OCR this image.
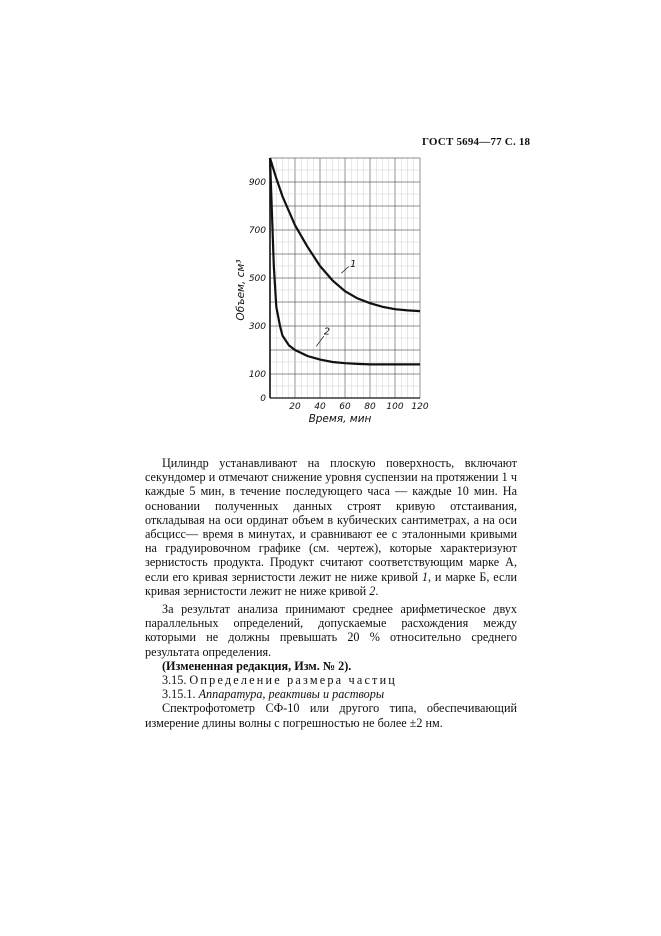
ГОСТ 5694—77 С. 18
20 40 60 80 100 120
0
100
300
500
700
900
1
2
Время, мин
Объем, см³

Цилиндр устанавливают на плоскую поверхность, включают секундомер и отмечают снижение уровня суспензии на протяжении 1 ч каждые 5 мин, в течение последующего часа — каждые 10 мин. На основании полученных данных строят кривую отстаивания, откладывая на оси ординат объем в кубических сантиметрах, а на оси абсцисс— время в минутах, и сравнивают ее с эталонными кривыми на градуировочном графике (см. чертеж), которые характеризуют зернистость продукта. Продукт считают соответствующим марке А, если его кривая зернистости лежит не ниже кривой 1, и марке Б, если кривая зернистости лежит не ниже кривой 2.

За результат анализа принимают среднее арифметическое двух параллельных определений, допускаемые расхождения между которыми не должны превышать 20 % относительно среднего результата определения.

(Измененная редакция, Изм. № 2).

3.15. Определение размера частиц

3.15.1. Аппаратура, реактивы и растворы

Спектрофотометр СФ-10 или другого типа, обеспечивающий измерение длины волны с погрешностью не более ±2 нм.
